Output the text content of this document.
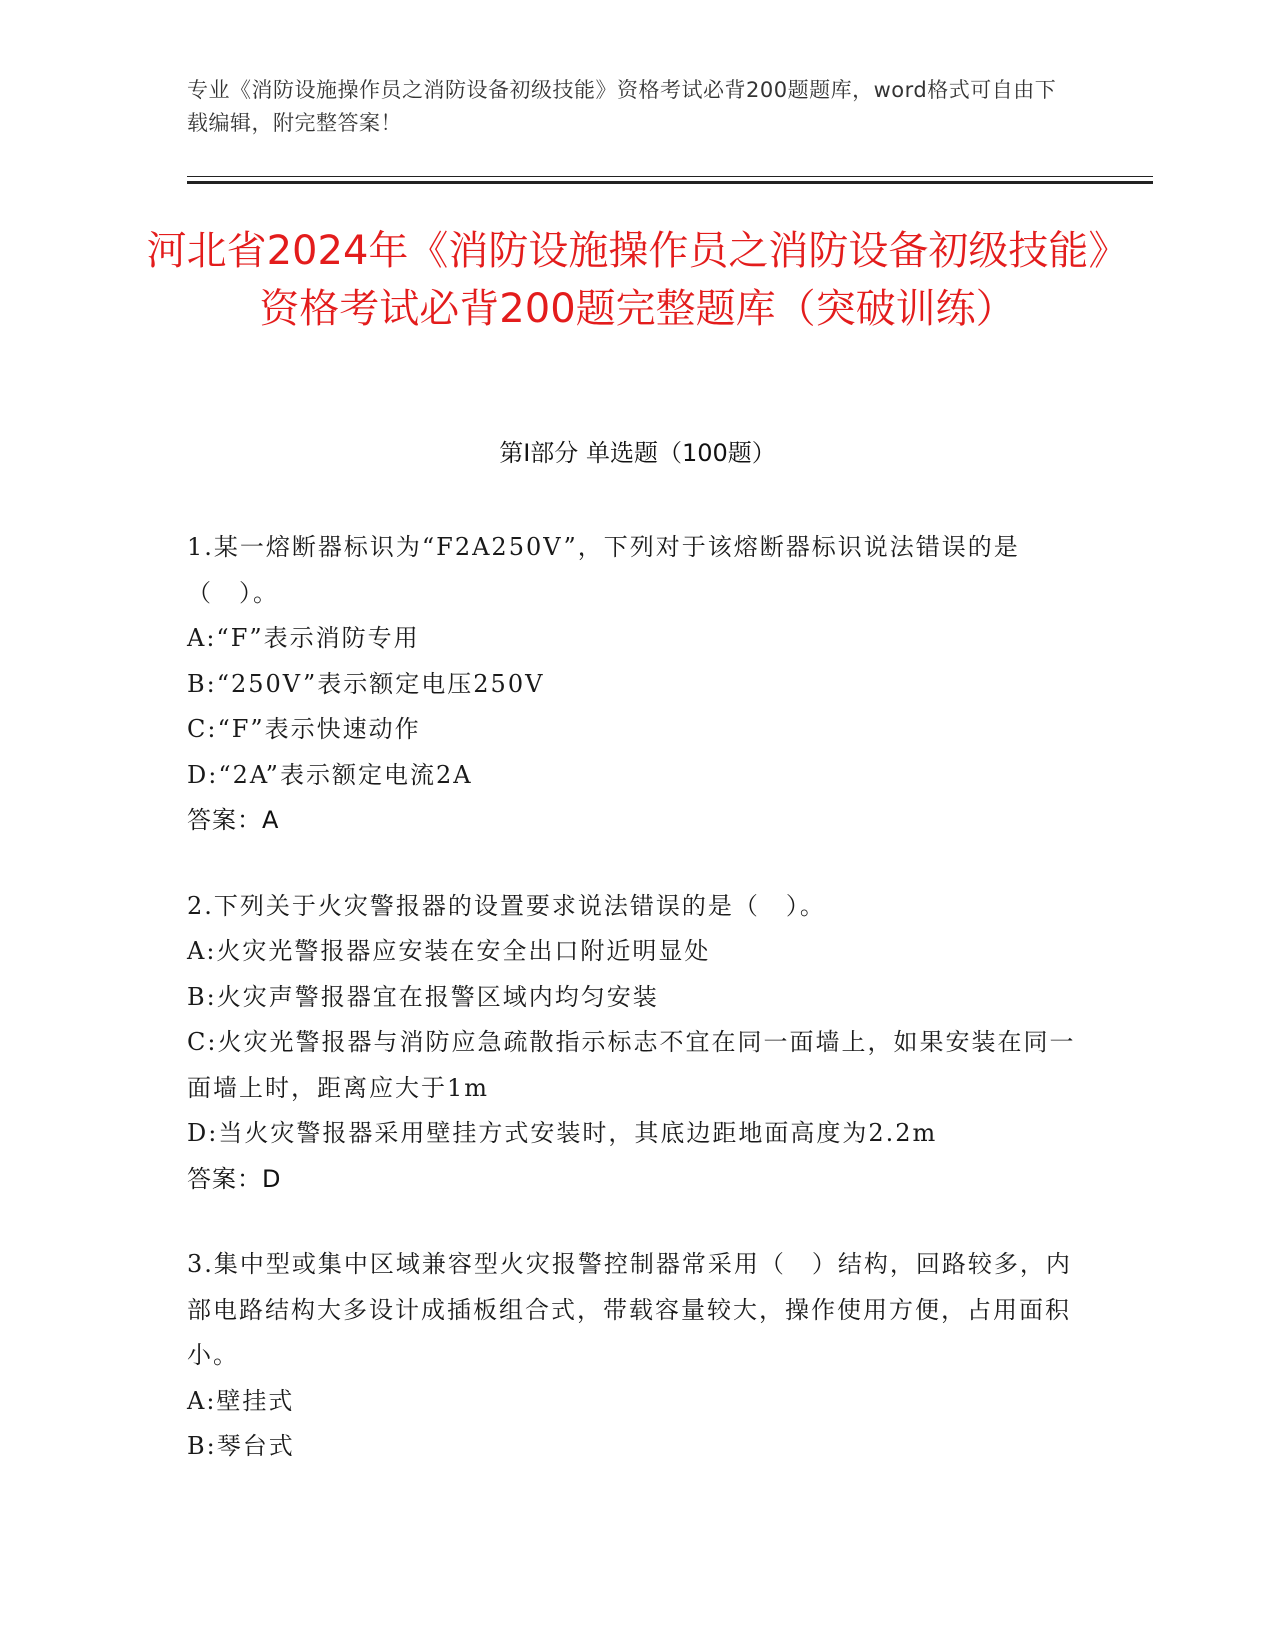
专业《消防设施操作员之消防设备初级技能》资格考试必背200题题库，word格式可自由下载编辑，附完整答案！
河北省2024年《消防设施操作员之消防设备初级技能》资格考试必背200题完整题库（突破训练）
第Ⅰ部分 单选题（100题）

1.某一熔断器标识为“F2A250V”，下列对于该熔断器标识说法错误的是（　）。

A:“F”表示消防专用

B:“250V”表示额定电压250V

C:“F”表示快速动作

D:“2A”表示额定电流2A

答案：A

2.下列关于火灾警报器的设置要求说法错误的是（　）。

A:火灾光警报器应安装在安全出口附近明显处

B:火灾声警报器宜在报警区域内均匀安装

C:火灾光警报器与消防应急疏散指示标志不宜在同一面墙上，如果安装在同一面墙上时，距离应大于1m

D:当火灾警报器采用壁挂方式安装时，其底边距地面高度为2.2m

答案：D

3.集中型或集中区域兼容型火灾报警控制器常采用（　）结构，回路较多，内部电路结构大多设计成插板组合式，带载容量较大，操作使用方便，占用面积小。

A:壁挂式

B:琴台式
